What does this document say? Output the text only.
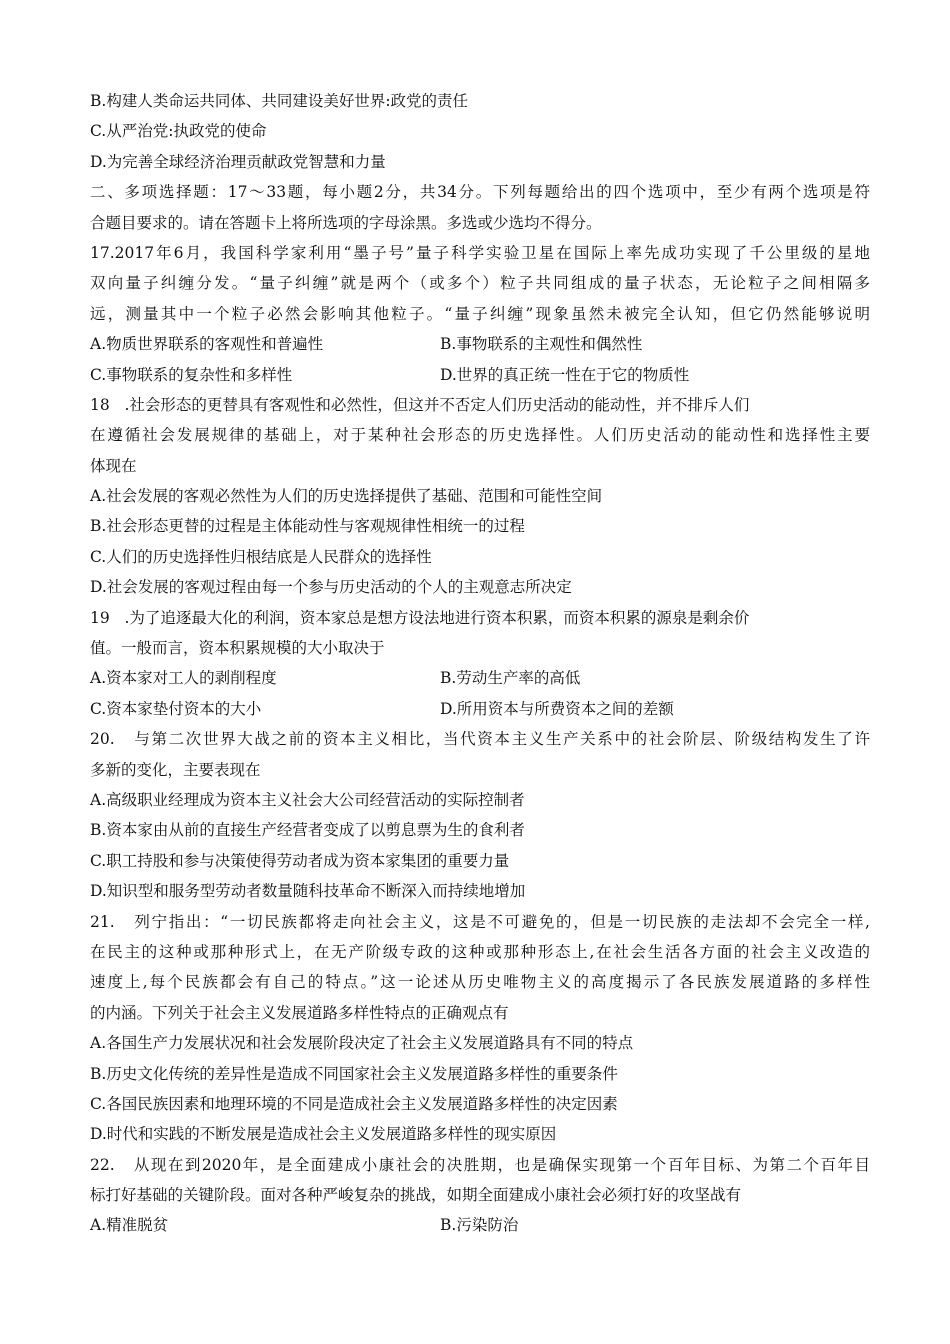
B.构建人类命运共同体、共同建设美好世界:政党的责任
C.从严治党:执政党的使命
D.为完善全球经济治理贡献政党智慧和力量
二、多项选择题：17〜33题，每小题2分，共34分。下列每题给出的四个选项中，至少有两个选项是符
合题目要求的。请在答题卡上将所选项的字母涂黑。多选或少选均不得分。
17.2017年6月，我国科学家利用“墨子号”量子科学实验卫星在国际上率先成功实现了千公里级的星地
双向量子纠缠分发。“量子纠缠”就是两个（或多个）粒子共同组成的量子状态，无论粒子之间相隔多
远，测量其中一个粒子必然会影响其他粒子。“量子纠缠”现象虽然未被完全认知，但它仍然能够说明
A.物质世界联系的客观性和普遍性	B.事物联系的主观性和偶然性
C.事物联系的复杂性和多样性	D.世界的真正统一性在于它的物质性
18   .社会形态的更替具有客观性和必然性，但这并不否定人们历史活动的能动性，并不排斥人们
在遵循社会发展规律的基础上，对于某种社会形态的历史选择性。人们历史活动的能动性和选择性主要
体现在
A.社会发展的客观必然性为人们的历史选择提供了基础、范围和可能性空间
B.社会形态更替的过程是主体能动性与客观规律性相统一的过程
C.人们的历史选择性归根结底是人民群众的选择性
D.社会发展的客观过程由每一个参与历史活动的个人的主观意志所决定
19   .为了追逐最大化的利润，资本家总是想方设法地进行资本积累，而资本积累的源泉是剩余价
值。一般而言，资本积累规模的大小取决于
A.资本家对工人的剥削程度	B.劳动生产率的高低
C.资本家垫付资本的大小	D.所用资本与所费资本之间的差额
20.   与第二次世界大战之前的资本主义相比，当代资本主义生产关系中的社会阶层、阶级结构发生了许
多新的变化，主要表现在
A.高级职业经理成为资本主义社会大公司经营活动的实际控制者
B.资本家由从前的直接生产经营者变成了以剪息票为生的食利者
C.职工持股和参与决策使得劳动者成为资本家集团的重要力量
D.知识型和服务型劳动者数量随科技革命不断深入而持续地增加
21.   列宁指出：“一切民族都将走向社会主义，这是不可避免的，但是一切民族的走法却不会完全一样,
在民主的这种或那种形式上，在无产阶级专政的这种或那种形态上,在社会生活各方面的社会主义改造的
速度上,每个民族都会有自己的特点。”这一论述从历史唯物主义的高度揭示了各民族发展道路的多样性
的内涵。下列关于社会主义发展道路多样性特点的正确观点有
A.各国生产力发展状况和社会发展阶段决定了社会主义发展道路具有不同的特点
B.历史文化传统的差异性是造成不同国家社会主义发展道路多样性的重要条件
C.各国民族因素和地理环境的不同是造成社会主义发展道路多样性的决定因素
D.时代和实践的不断发展是造成社会主义发展道路多样性的现实原因
22.   从现在到2020年，是全面建成小康社会的决胜期，也是确保实现第一个百年目标、为第二个百年目
标打好基础的关键阶段。面对各种严峻复杂的挑战，如期全面建成小康社会必须打好的攻坚战有
A.精准脱贫	B.污染防治
